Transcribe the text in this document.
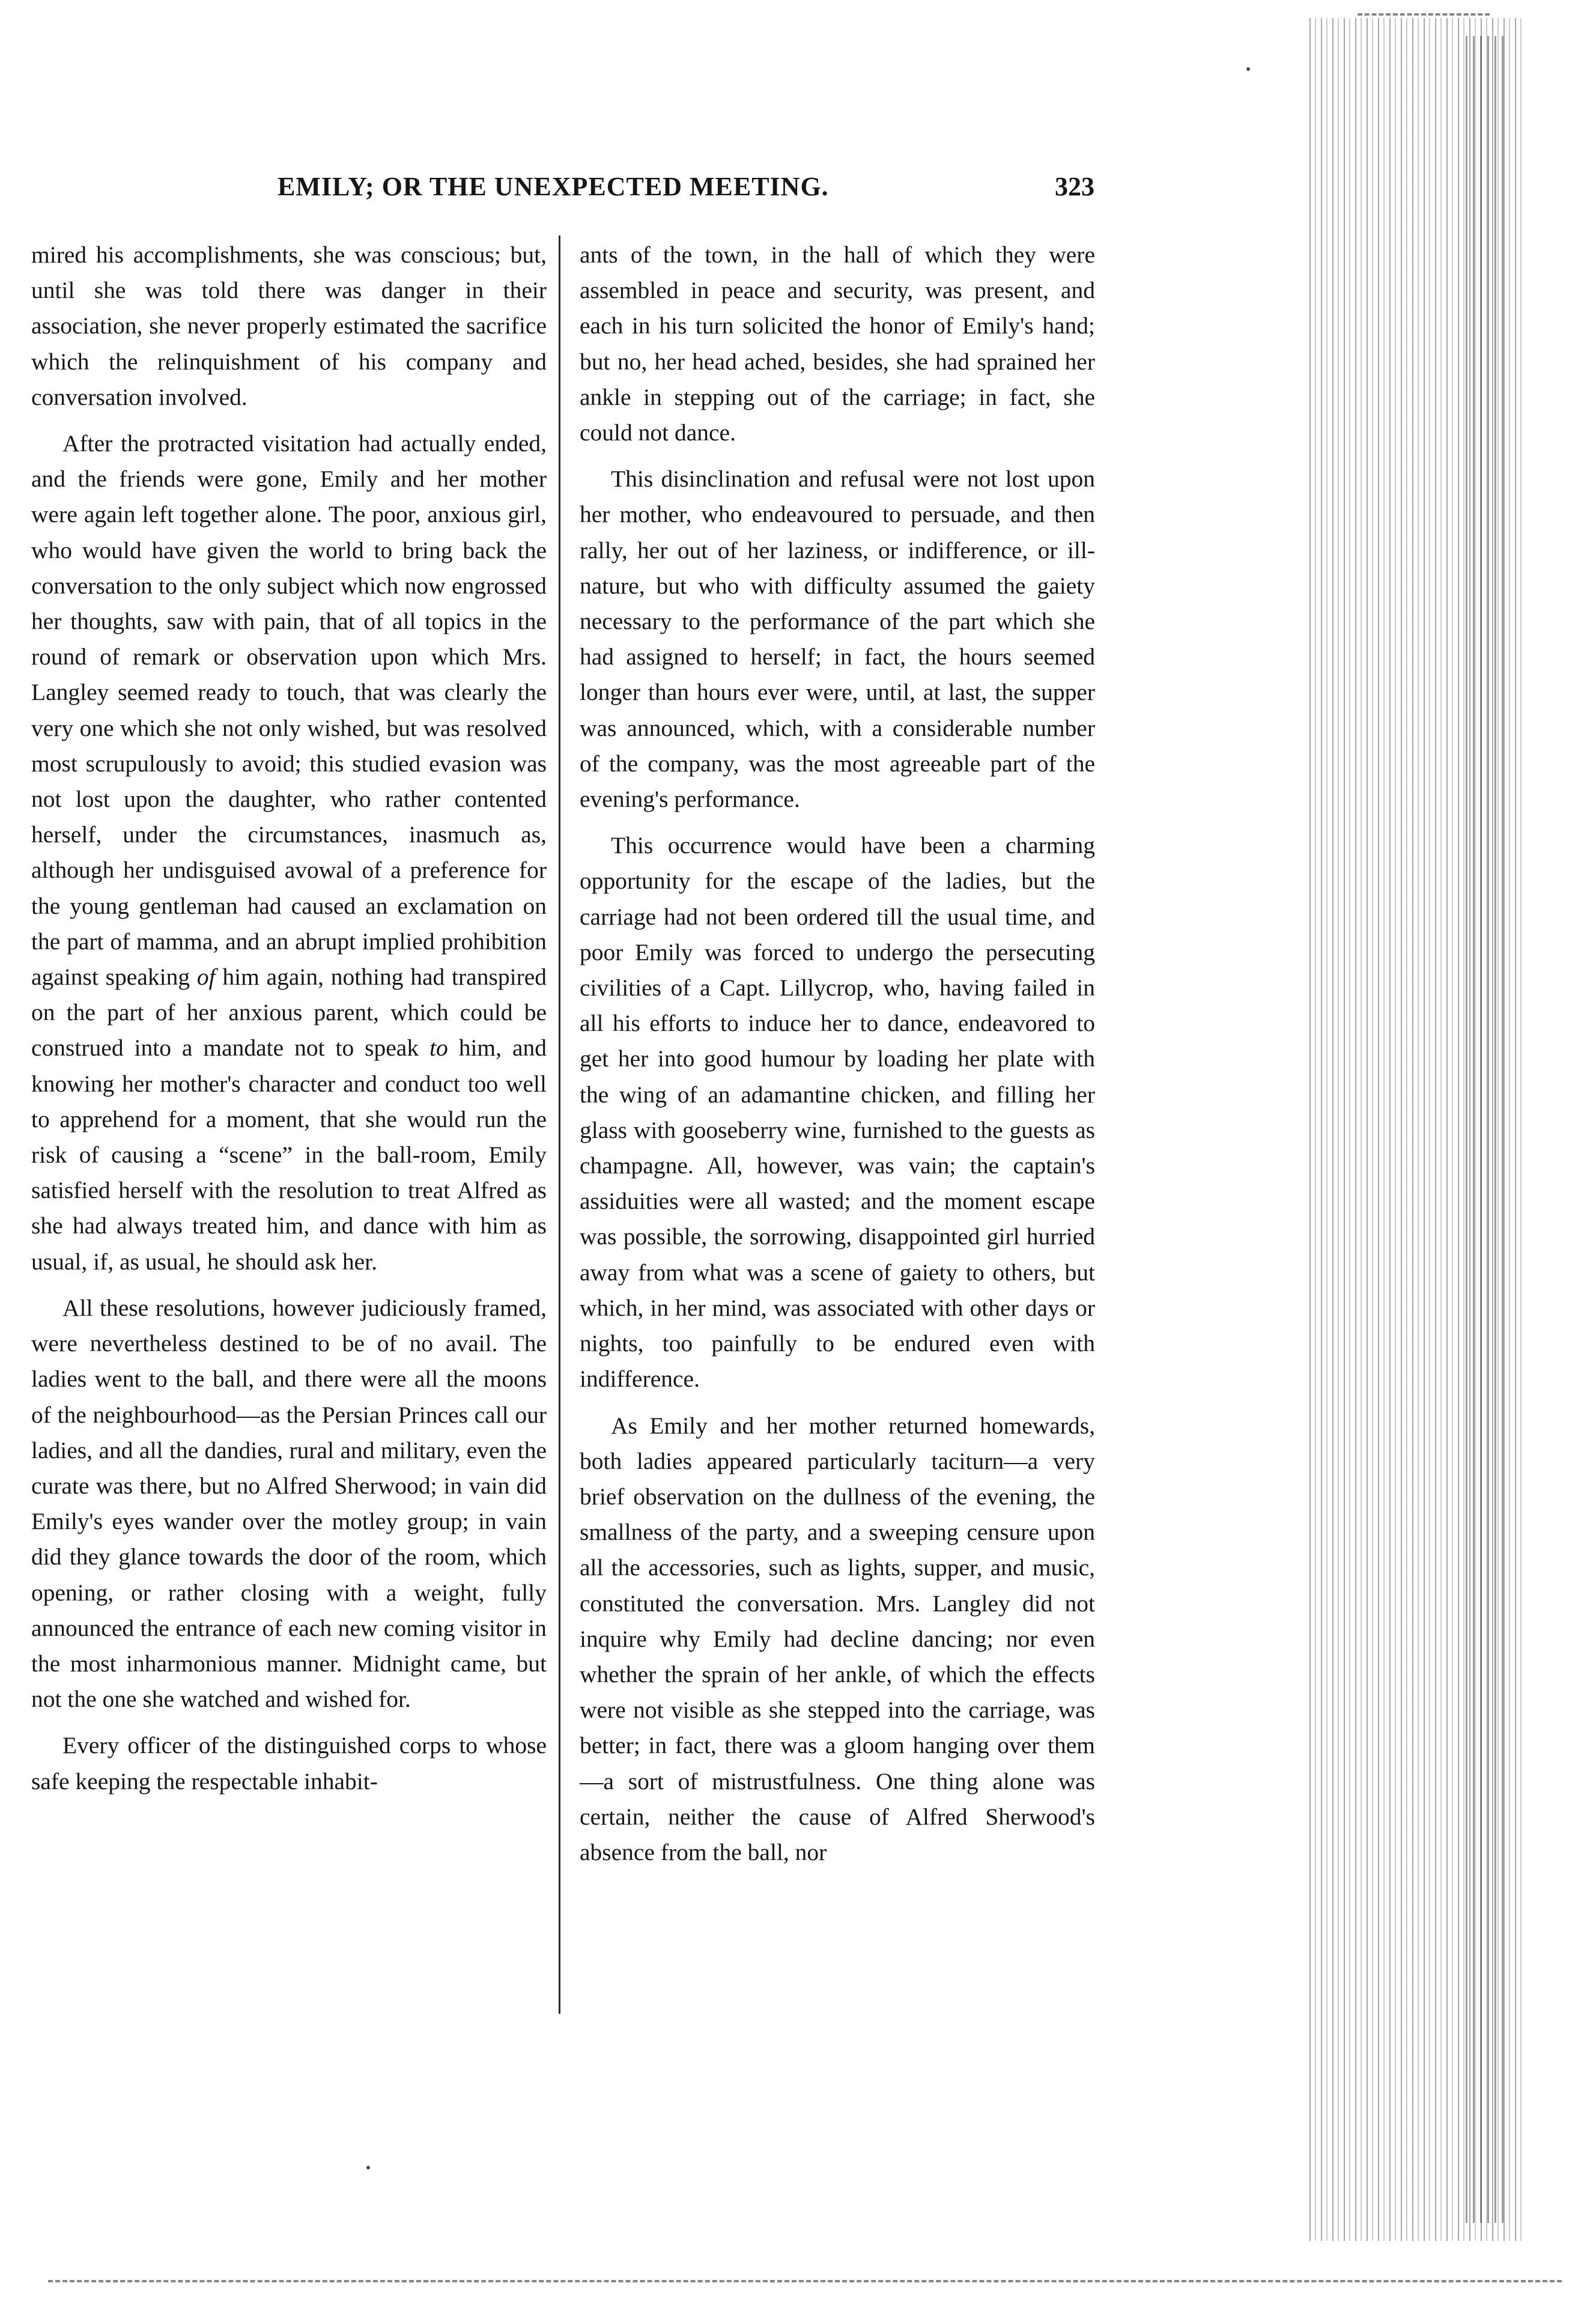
EMILY; OR THE UNEXPECTED MEETING.	323

mired his accomplishments, she was conscious; but, until she was told there was danger in their association, she never properly estimated the sacrifice which the relinquishment of his company and conversation involved.

After the protracted visitation had actually ended, and the friends were gone, Emily and her mother were again left together alone. The poor, anxious girl, who would have given the world to bring back the conversation to the only subject which now engrossed her thoughts, saw with pain, that of all topics in the round of remark or observation upon which Mrs. Langley seemed ready to touch, that was clearly the very one which she not only wished, but was resolved most scrupulously to avoid; this studied evasion was not lost upon the daughter, who rather contented herself, under the circumstances, inasmuch as, although her undisguised avowal of a preference for the young gentleman had caused an exclamation on the part of mamma, and an abrupt implied prohibition against speaking of him again, nothing had transpired on the part of her anxious parent, which could be construed into a mandate not to speak to him, and knowing her mother's character and conduct too well to apprehend for a moment, that she would run the risk of causing a “scene” in the ball-room, Emily satisfied herself with the resolution to treat Alfred as she had always treated him, and dance with him as usual, if, as usual, he should ask her.

All these resolutions, however judiciously framed, were nevertheless destined to be of no avail. The ladies went to the ball, and there were all the moons of the neighbourhood—as the Persian Princes call our ladies, and all the dandies, rural and military, even the curate was there, but no Alfred Sherwood; in vain did Emily's eyes wander over the motley group; in vain did they glance towards the door of the room, which opening, or rather closing with a weight, fully announced the entrance of each new coming visitor in the most inharmonious manner. Midnight came, but not the one she watched and wished for.

Every officer of the distinguished corps to whose safe keeping the respectable inhabit-

ants of the town, in the hall of which they were assembled in peace and security, was present, and each in his turn solicited the honor of Emily's hand; but no, her head ached, besides, she had sprained her ankle in stepping out of the carriage; in fact, she could not dance.

This disinclination and refusal were not lost upon her mother, who endeavoured to persuade, and then rally, her out of her laziness, or indifference, or ill-nature, but who with difficulty assumed the gaiety necessary to the performance of the part which she had assigned to herself; in fact, the hours seemed longer than hours ever were, until, at last, the supper was announced, which, with a considerable number of the company, was the most agreeable part of the evening's performance.

This occurrence would have been a charming opportunity for the escape of the ladies, but the carriage had not been ordered till the usual time, and poor Emily was forced to undergo the persecuting civilities of a Capt. Lillycrop, who, having failed in all his efforts to induce her to dance, endeavored to get her into good humour by loading her plate with the wing of an adamantine chicken, and filling her glass with gooseberry wine, furnished to the guests as champagne. All, however, was vain; the captain's assiduities were all wasted; and the moment escape was possible, the sorrowing, disappointed girl hurried away from what was a scene of gaiety to others, but which, in her mind, was associated with other days or nights, too painfully to be endured even with indifference.

As Emily and her mother returned homewards, both ladies appeared particularly taciturn—a very brief observation on the dullness of the evening, the smallness of the party, and a sweeping censure upon all the accessories, such as lights, supper, and music, constituted the conversation. Mrs. Langley did not inquire why Emily had decline dancing; nor even whether the sprain of her ankle, of which the effects were not visible as she stepped into the carriage, was better; in fact, there was a gloom hanging over them—a sort of mistrustfulness. One thing alone was certain, neither the cause of Alfred Sherwood's absence from the ball, nor
